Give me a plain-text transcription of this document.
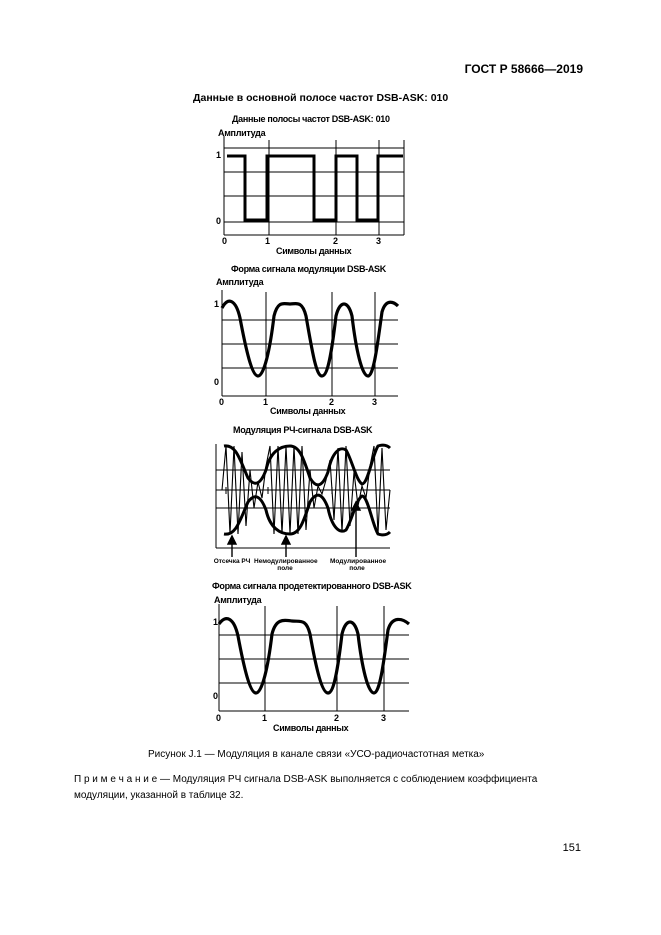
ГОСТ Р 58666—2019
Данные в основной полосе частот DSB-ASK: 010
Данные полосы частот DSB-ASK: 010
Амплитуда
1
0
0	1	2	3
Символы данных
Форма сигнала модуляции DSB-ASK
Амплитуда
1
0
0	1	2	3
Символы данных
Модуляция РЧ-сигнала DSB-ASK
Отсечка РЧ Немодулированное поле
Модулированное поле
Форма сигнала продетектированного DSB-ASK
Амплитуда
1
0
0	1	2	3
Символы данных
Рисунок J.1 — Модуляция в канале связи «УСО-радиочастотная метка»
П р и м е ч а н и е — Модуляция РЧ сигнала DSB-ASK выполняется с соблюдением коэффициента модуляции, указанной в таблице 32.
151
